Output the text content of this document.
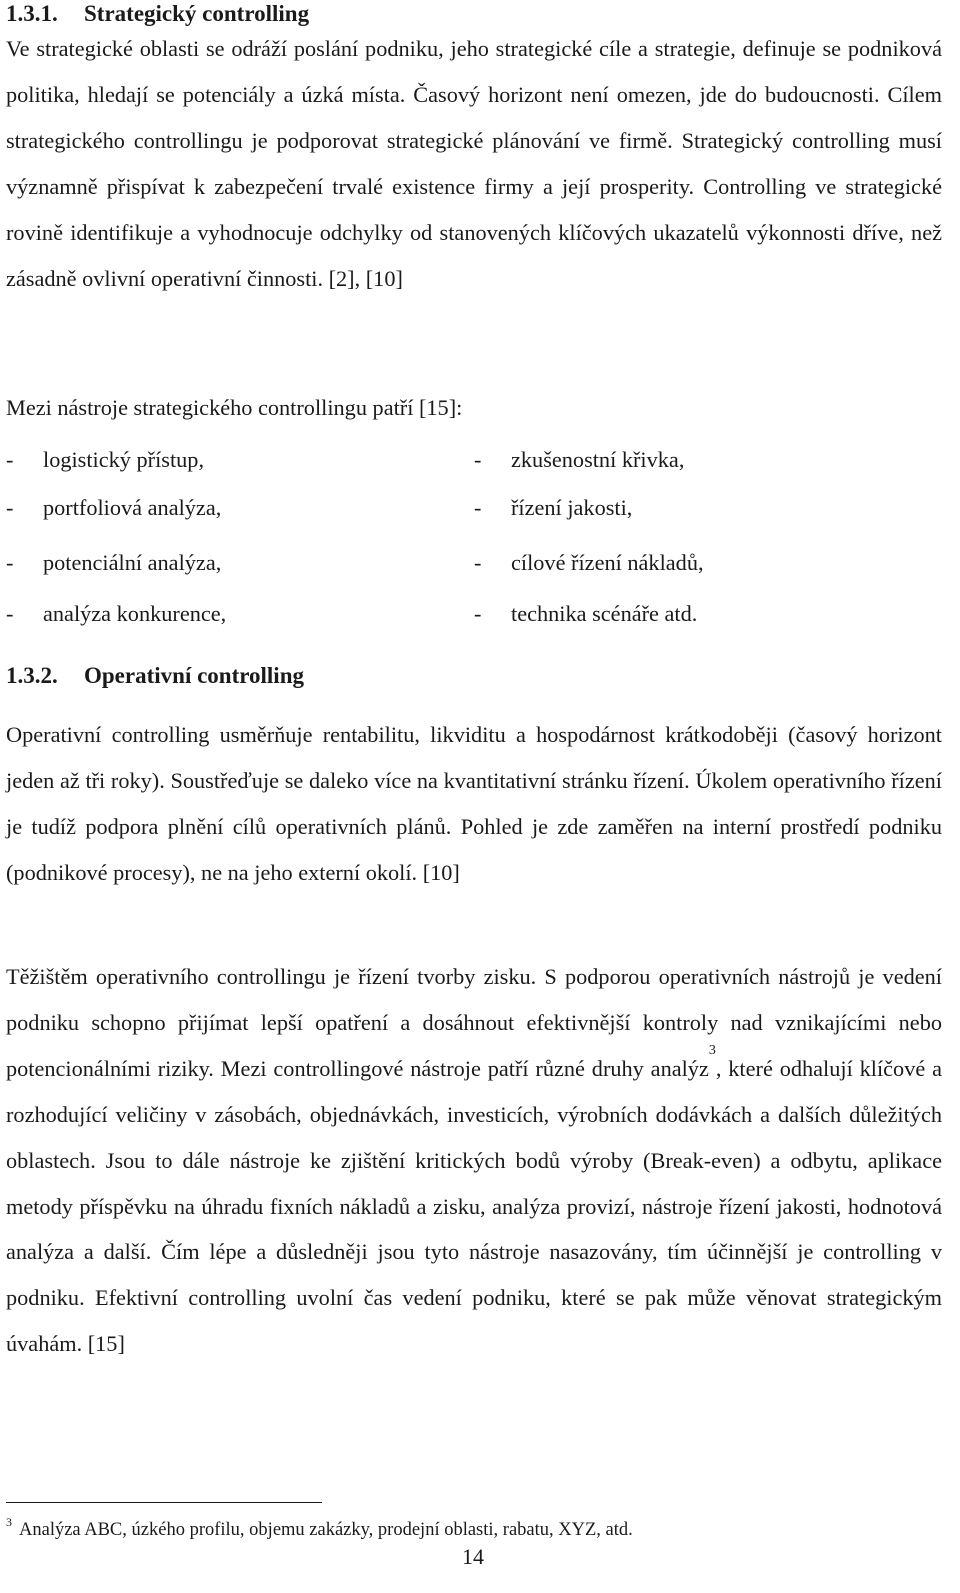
1.3.1. Strategický controlling

Ve strategické oblasti se odráží poslání podniku, jeho strategické cíle a strategie, definuje se podniková politika, hledají se potenciály a úzká místa. Časový horizont není omezen, jde do budoucnosti. Cílem strategického controllingu je podporovat strategické plánování ve firmě. Strategický controlling musí významně přispívat k zabezpečení trvalé existence firmy a její prosperity. Controlling ve strategické rovině identifikuje a vyhodnocuje odchylky od stanovených klíčových ukazatelů výkonnosti dříve, než zásadně ovlivní operativní činnosti. [2], [10]

Mezi nástroje strategického controllingu patří [15]:

- logistický přístup,	- zkušenostní křivka,
- portfoliová analýza,	- řízení jakosti,
- potenciální analýza,	- cílové řízení nákladů,
- analýza konkurence,	- technika scénáře atd.
1.3.2. Operativní controlling

Operativní controlling usměrňuje rentabilitu, likviditu a hospodárnost krátkodoběji (časový horizont jeden až tři roky). Soustřeďuje se daleko více na kvantitativní stránku řízení. Úkolem operativního řízení je tudíž podpora plnění cílů operativních plánů. Pohled je zde zaměřen na interní prostředí podniku (podnikové procesy), ne na jeho externí okolí. [10]

Těžištěm operativního controllingu je řízení tvorby zisku. S podporou operativních nástrojů je vedení podniku schopno přijímat lepší opatření a dosáhnout efektivnější kontroly nad vznikajícími nebo potencionálními riziky. Mezi controllingové nástroje patří různé druhy analýz$^3$, které odhalují klíčové a rozhodující veličiny v zásobách, objednávkách, investicích, výrobních dodávkách a dalších důležitých oblastech. Jsou to dále nástroje ke zjištění kritických bodů výroby (Break-even) a odbytu, aplikace metody příspěvku na úhradu fixních nákladů a zisku, analýza provizí, nástroje řízení jakosti, hodnotová analýza a další. Čím lépe a důsledněji jsou tyto nástroje nasazovány, tím účinnější je controlling v podniku. Efektivní controlling uvolní čas vedení podniku, které se pak může věnovat strategickým úvahám. [15]

$^3$ Analýza ABC, úzkého profilu, objemu zakázky, prodejní oblasti, rabatu, XYZ, atd.
14
